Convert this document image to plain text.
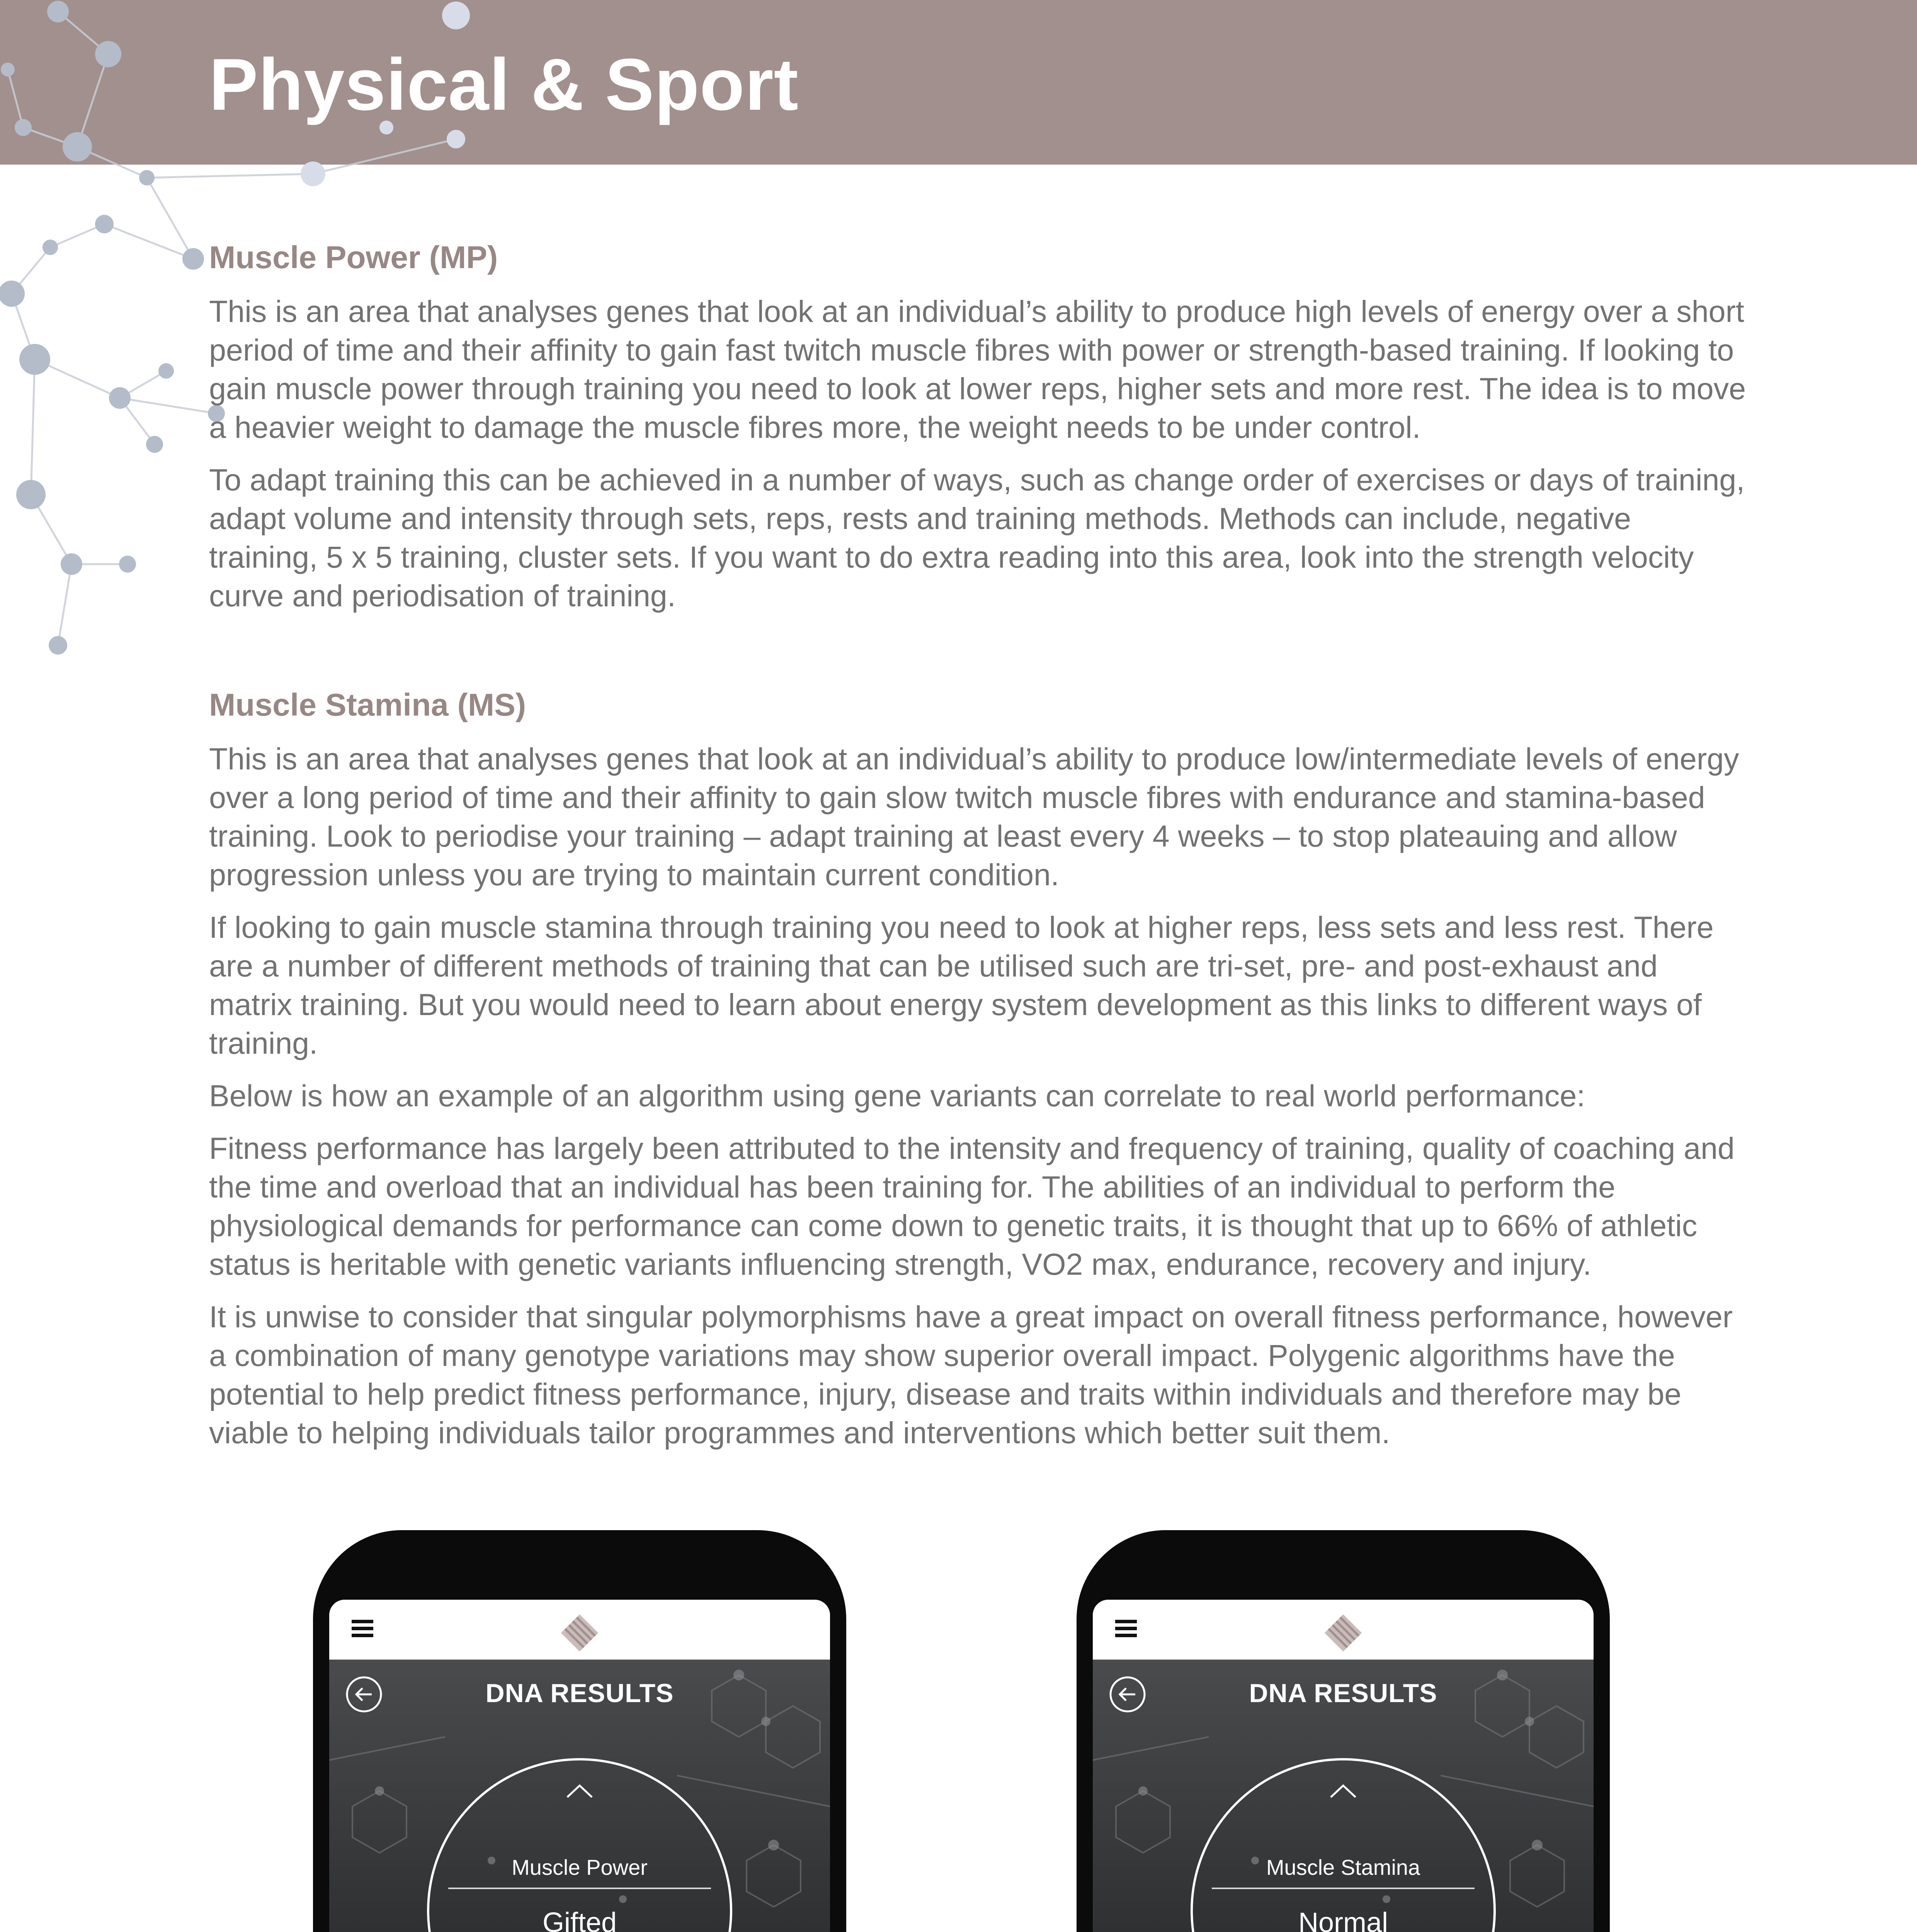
Physical & Sport
Muscle Power (MP)

This is an area that analyses genes that look at an individual’s ability to produce high levels of energy over a short period of time and their affinity to gain fast twitch muscle fibres with power or strength-based training. If looking to gain muscle power through training you need to look at lower reps, higher sets and more rest. The idea is to move a heavier weight to damage the muscle fibres more, the weight needs to be under control.

To adapt training this can be achieved in a number of ways, such as change order of exercises or days of training, adapt volume and intensity through sets, reps, rests and training methods. Methods can include, negative training, 5 x 5 training, cluster sets. If you want to do extra reading into this area, look into the strength velocity curve and periodisation of training.

Muscle Stamina (MS)

This is an area that analyses genes that look at an individual’s ability to produce low/intermediate levels of energy over a long period of time and their affinity to gain slow twitch muscle fibres with endurance and stamina-based training. Look to periodise your training – adapt training at least every 4 weeks – to stop plateauing and allow progression unless you are trying to maintain current condition.

If looking to gain muscle stamina through training you need to look at higher reps, less sets and less rest. There are a number of different methods of training that can be utilised such are tri-set, pre- and post-exhaust and matrix training. But you would need to learn about energy system development as this links to different ways of training.

Below is how an example of an algorithm using gene variants can correlate to real world performance:

Fitness performance has largely been attributed to the intensity and frequency of training, quality of coaching and the time and overload that an individual has been training for. The abilities of an individual to perform the physiological demands for performance can come down to genetic traits, it is thought that up to 66% of athletic status is heritable with genetic variants influencing strength, VO2 max, endurance, recovery and injury.

It is unwise to consider that singular polymorphisms have a great impact on overall fitness performance, however a combination of many genotype variations may show superior overall impact. Polygenic algorithms have the potential to help predict fitness performance, injury, disease and traits within individuals and therefore may be viable to helping individuals tailor programmes and interventions which better suit them.

DNA RESULTS
Muscle Power
Gifted
DNA RESULTS
Muscle Stamina
Normal
